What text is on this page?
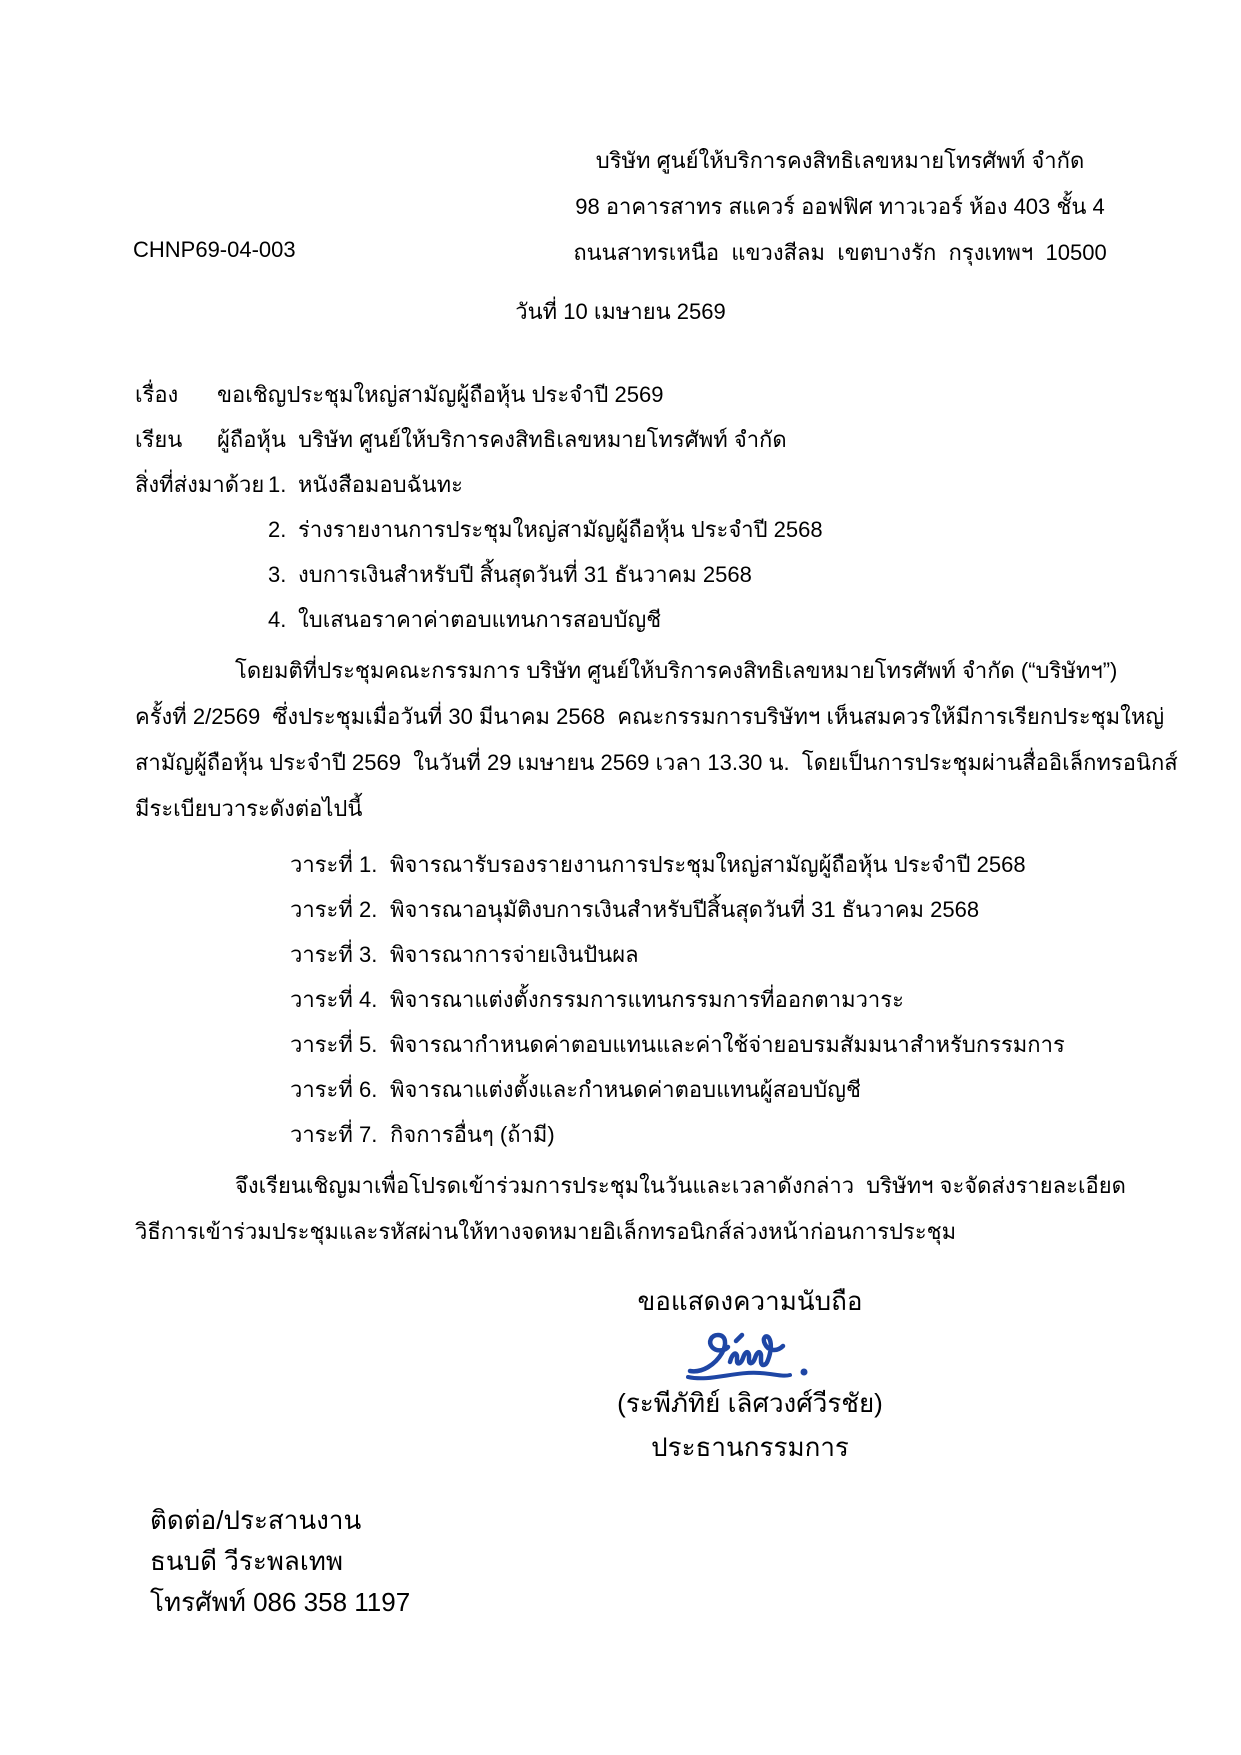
บริษัท ศูนย์ให้บริการคงสิทธิเลขหมายโทรศัพท์ จำกัด
98 อาคารสาทร สแควร์ ออฟฟิศ ทาวเวอร์ ห้อง 403 ชั้น 4
ถนนสาทรเหนือ  แขวงสีลม  เขตบางรัก  กรุงเทพฯ  10500
CHNP69-04-003
วันที่ 10 เมษายน 2569
เรื่อง	ขอเชิญประชุมใหญ่สามัญผู้ถือหุ้น ประจำปี 2569
เรียน	ผู้ถือหุ้น  บริษัท ศูนย์ให้บริการคงสิทธิเลขหมายโทรศัพท์ จำกัด
สิ่งที่ส่งมาด้วย 1. หนังสือมอบฉันทะ
2. ร่างรายงานการประชุมใหญ่สามัญผู้ถือหุ้น ประจำปี 2568
3. งบการเงินสำหรับปี สิ้นสุดวันที่ 31 ธันวาคม 2568
4. ใบเสนอราคาค่าตอบแทนการสอบบัญชี
โดยมติที่ประชุมคณะกรรมการ บริษัท ศูนย์ให้บริการคงสิทธิเลขหมายโทรศัพท์ จำกัด (“บริษัทฯ”)
ครั้งที่ 2/2569  ซึ่งประชุมเมื่อวันที่ 30 มีนาคม 2568  คณะกรรมการบริษัทฯ เห็นสมควรให้มีการเรียกประชุมใหญ่
สามัญผู้ถือหุ้น ประจำปี 2569  ในวันที่ 29 เมษายน 2569 เวลา 13.30 น.  โดยเป็นการประชุมผ่านสื่ออิเล็กทรอนิกส์
มีระเบียบวาระดังต่อไปนี้
วาระที่ 1. พิจารณารับรองรายงานการประชุมใหญ่สามัญผู้ถือหุ้น ประจำปี 2568
วาระที่ 2. พิจารณาอนุมัติงบการเงินสำหรับปีสิ้นสุดวันที่ 31 ธันวาคม 2568
วาระที่ 3. พิจารณาการจ่ายเงินปันผล
วาระที่ 4. พิจารณาแต่งตั้งกรรมการแทนกรรมการที่ออกตามวาระ
วาระที่ 5. พิจารณากำหนดค่าตอบแทนและค่าใช้จ่ายอบรมสัมมนาสำหรับกรรมการ
วาระที่ 6. พิจารณาแต่งตั้งและกำหนดค่าตอบแทนผู้สอบบัญชี
วาระที่ 7. กิจการอื่นๆ (ถ้ามี)
จึงเรียนเชิญมาเพื่อโปรดเข้าร่วมการประชุมในวันและเวลาดังกล่าว  บริษัทฯ จะจัดส่งรายละเอียด
วิธีการเข้าร่วมประชุมและรหัสผ่านให้ทางจดหมายอิเล็กทรอนิกส์ล่วงหน้าก่อนการประชุม
ขอแสดงความนับถือ
(ระพีภัทิย์ เลิศวงศ์วีรชัย)
ประธานกรรมการ
ติดต่อ/ประสานงาน
ธนบดี วีระพลเทพ
โทรศัพท์ 086 358 1197
